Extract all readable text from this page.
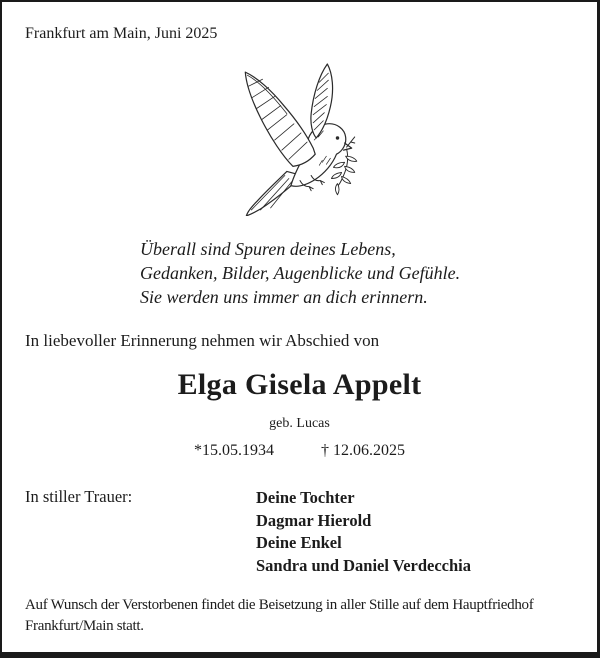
Frankfurt am Main, Juni 2025
Überall sind Spuren deines Lebens,
Gedanken, Bilder, Augenblicke und Gefühle.
Sie werden uns immer an dich erinnern.
In liebevoller Erinnerung nehmen wir Abschied von
Elga Gisela Appelt
geb. Lucas
*15.05.1934	† 12.06.2025
In stiller Trauer:	Deine Tochter
Dagmar Hierold
Deine Enkel
Sandra und Daniel Verdecchia
Auf Wunsch der Verstorbenen findet die Beisetzung in aller Stille auf dem Hauptfriedhof
Frankfurt/Main statt.
